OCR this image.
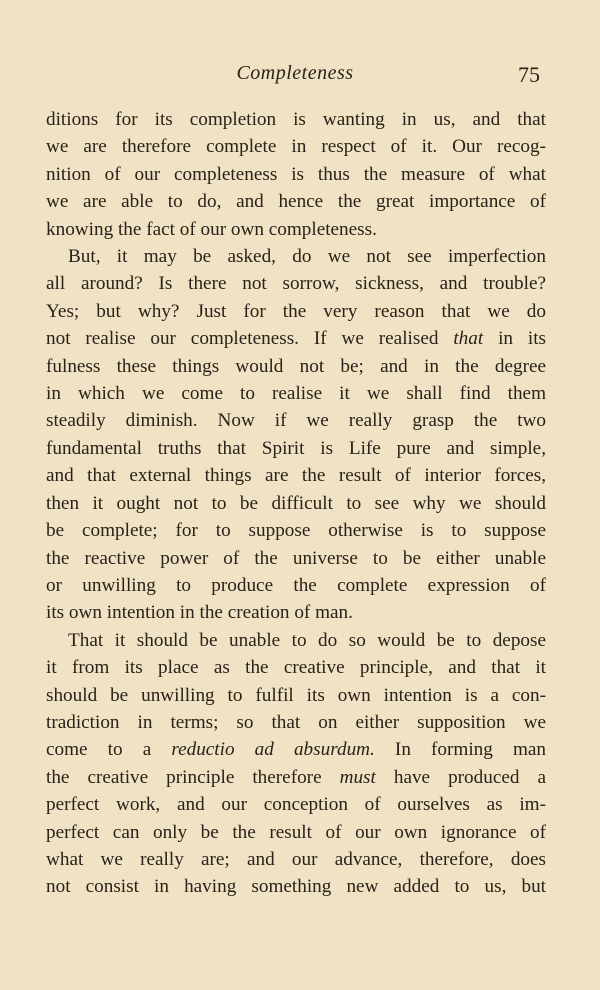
Completeness	75
ditions for its completion is wanting in us, and that
we are therefore complete in respect of it. Our recog-
nition of our completeness is thus the measure of what
we are able to do, and hence the great importance of
knowing the fact of our own completeness.
But, it may be asked, do we not see imperfection
all around? Is there not sorrow, sickness, and trouble?
Yes; but why? Just for the very reason that we do
not realise our completeness. If we realised that in its
fulness these things would not be; and in the degree
in which we come to realise it we shall find them
steadily diminish. Now if we really grasp the two
fundamental truths that Spirit is Life pure and simple,
and that external things are the result of interior forces,
then it ought not to be difficult to see why we should
be complete; for to suppose otherwise is to suppose
the reactive power of the universe to be either unable
or unwilling to produce the complete expression of
its own intention in the creation of man.
That it should be unable to do so would be to depose
it from its place as the creative principle, and that it
should be unwilling to fulfil its own intention is a con-
tradiction in terms; so that on either supposition we
come to a reductio ad absurdum. In forming man
the creative principle therefore must have produced a
perfect work, and our conception of ourselves as im-
perfect can only be the result of our own ignorance of
what we really are; and our advance, therefore, does
not consist in having something new added to us, but
